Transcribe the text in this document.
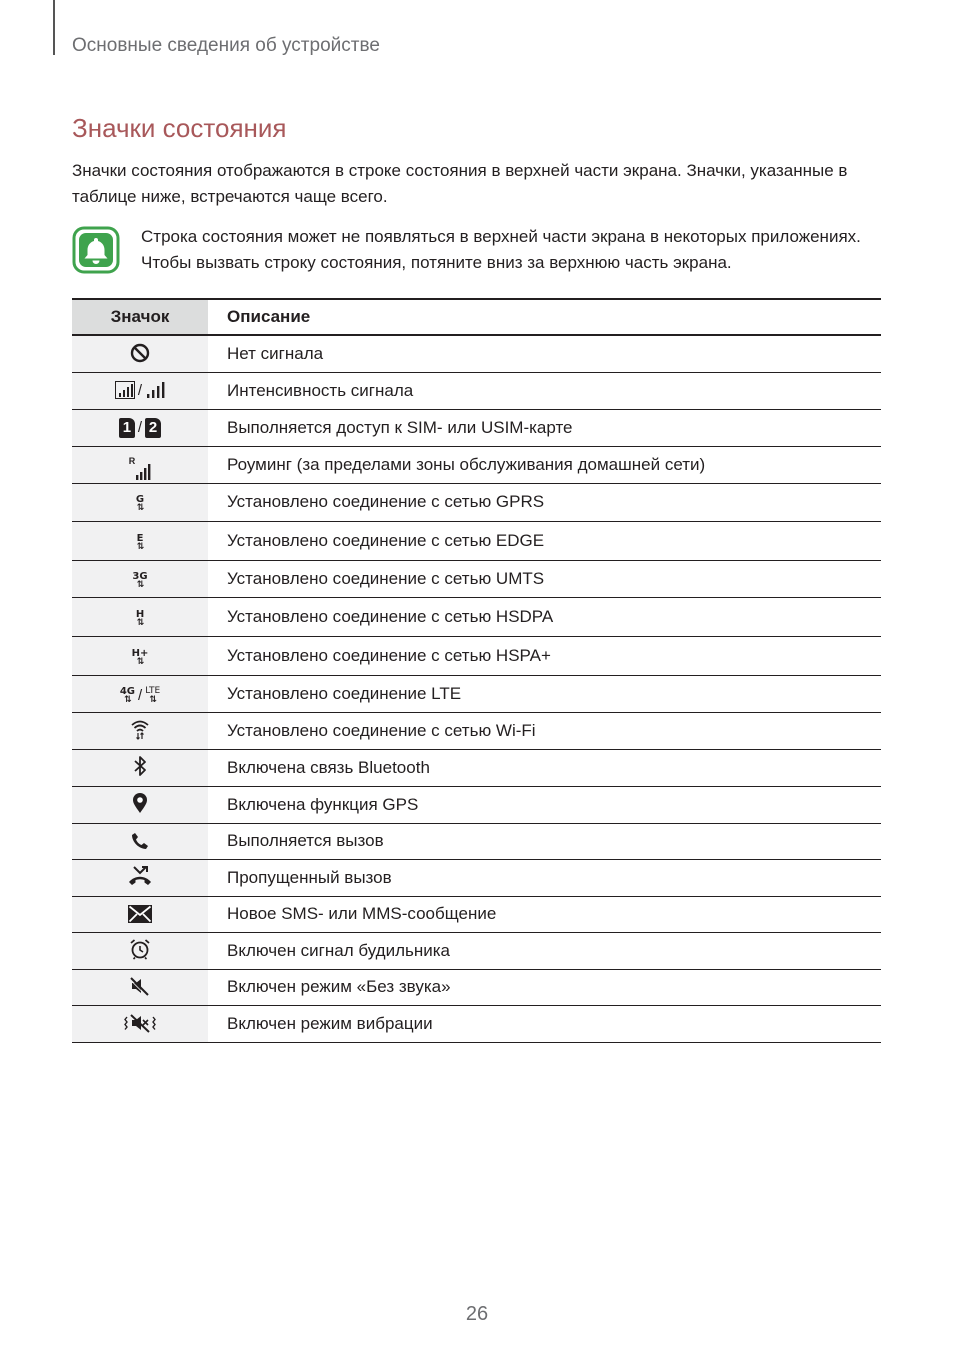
Основные сведения об устройстве
Значки состояния

Значки состояния отображаются в строке состояния в верхней части экрана. Значки, указанные в таблице ниже, встречаются чаще всего.

Строка состояния может не появляться в верхней части экрана в некоторых приложениях. Чтобы вызвать строку состояния, потяните вниз за верхнюю часть экрана.

Значок	Описание

	Нет сигнала

/	Интенсивность сигнала

1 / 2	Выполняется доступ к SIM- или USIM-карте

R	Роуминг (за пределами зоны обслуживания домашней сети)

G
⇅	Установлено соединение с сетью GPRS

E
⇅	Установлено соединение с сетью EDGE

3G
⇅	Установлено соединение с сетью UMTS

H
⇅	Установлено соединение с сетью HSDPA

H+
⇅	Установлено соединение с сетью HSPA+

4G
⇅ / LTE
⇅	Установлено соединение LTE

	Установлено соединение с сетью Wi-Fi

	Включена связь Bluetooth

	Включена функция GPS

	Выполняется вызов

	Пропущенный вызов

	Новое SMS- или MMS-сообщение

	Включен сигнал будильника

	Включен режим «Без звука»

	Включен режим вибрации
26
